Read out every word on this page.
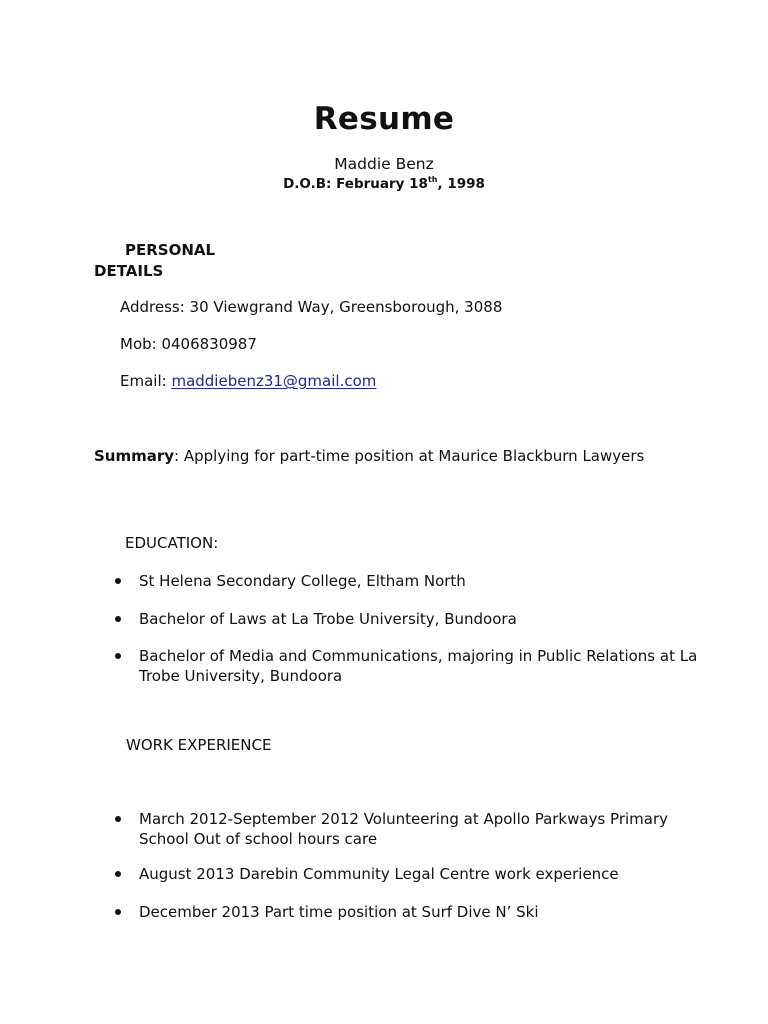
Resume
Maddie Benz
D.O.B: February 18th, 1998
PERSONAL
DETAILS
Address: 30 Viewgrand Way, Greensborough, 3088
Mob: 0406830987
Email: maddiebenz31@gmail.com
Summary: Applying for part-time position at Maurice Blackburn Lawyers
EDUCATION:
St Helena Secondary College, Eltham North
Bachelor of Laws at La Trobe University, Bundoora
Bachelor of Media and Communications, majoring in Public Relations at La Trobe University, Bundoora
WORK EXPERIENCE
March 2012-September 2012 Volunteering at Apollo Parkways Primary School Out of school hours care
August 2013 Darebin Community Legal Centre work experience
December 2013 Part time position at Surf Dive N’ Ski
